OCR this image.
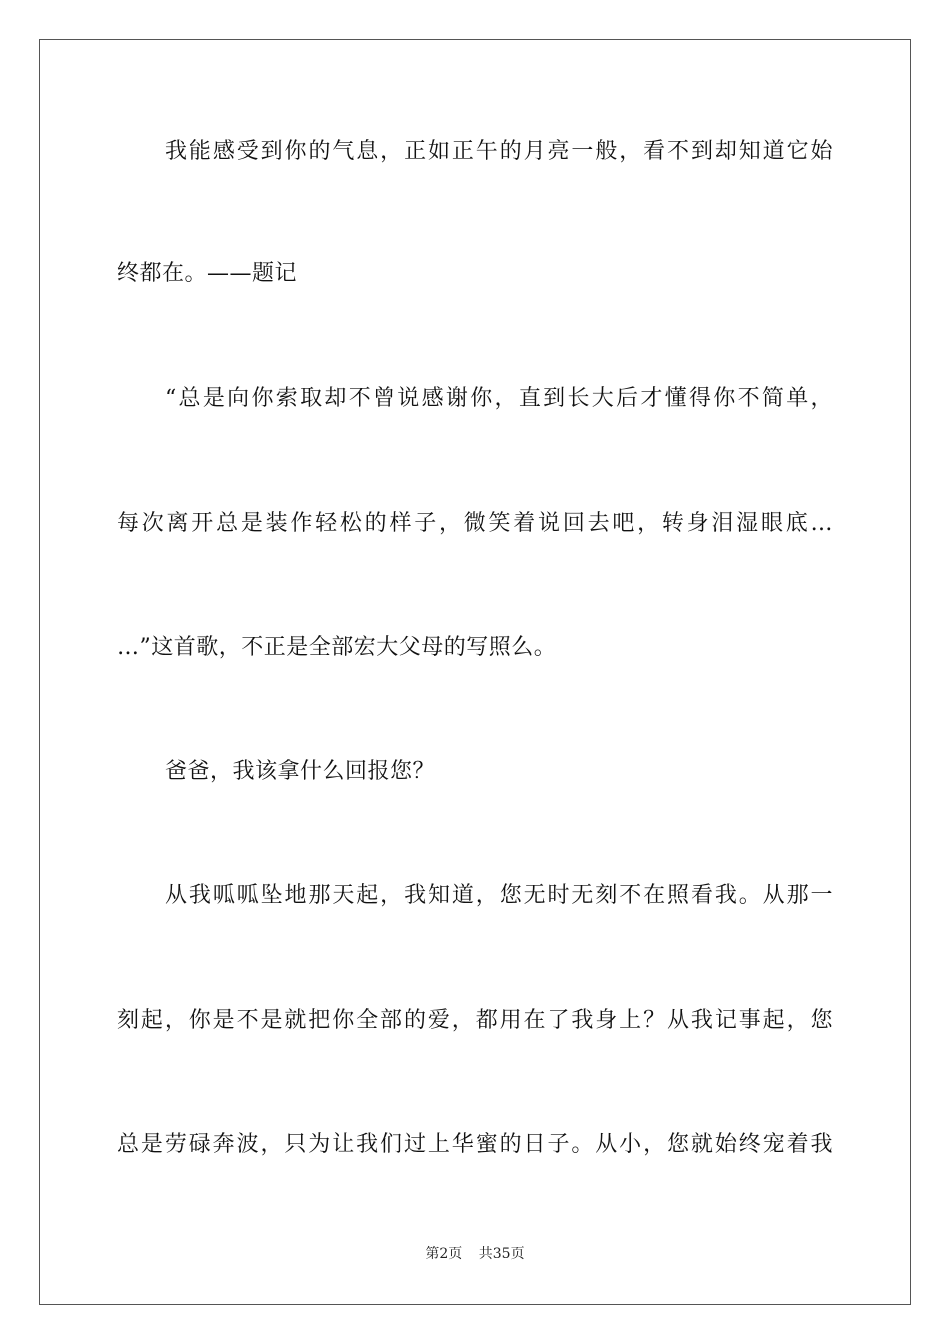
我能感受到你的气息，正如正午的月亮一般，看不到却知道它始
终都在。——题记
“总是向你索取却不曾说感谢你，直到长大后才懂得你不简单，
每次离开总是装作轻松的样子，微笑着说回去吧，转身泪湿眼底…
…”这首歌，不正是全部宏大父母的写照么。
爸爸，我该拿什么回报您？
从我呱呱坠地那天起，我知道，您无时无刻不在照看我。从那一
刻起，你是不是就把你全部的爱，都用在了我身上？从我记事起，您
总是劳碌奔波，只为让我们过上华蜜的日子。从小，您就始终宠着我
第2页 共35页
